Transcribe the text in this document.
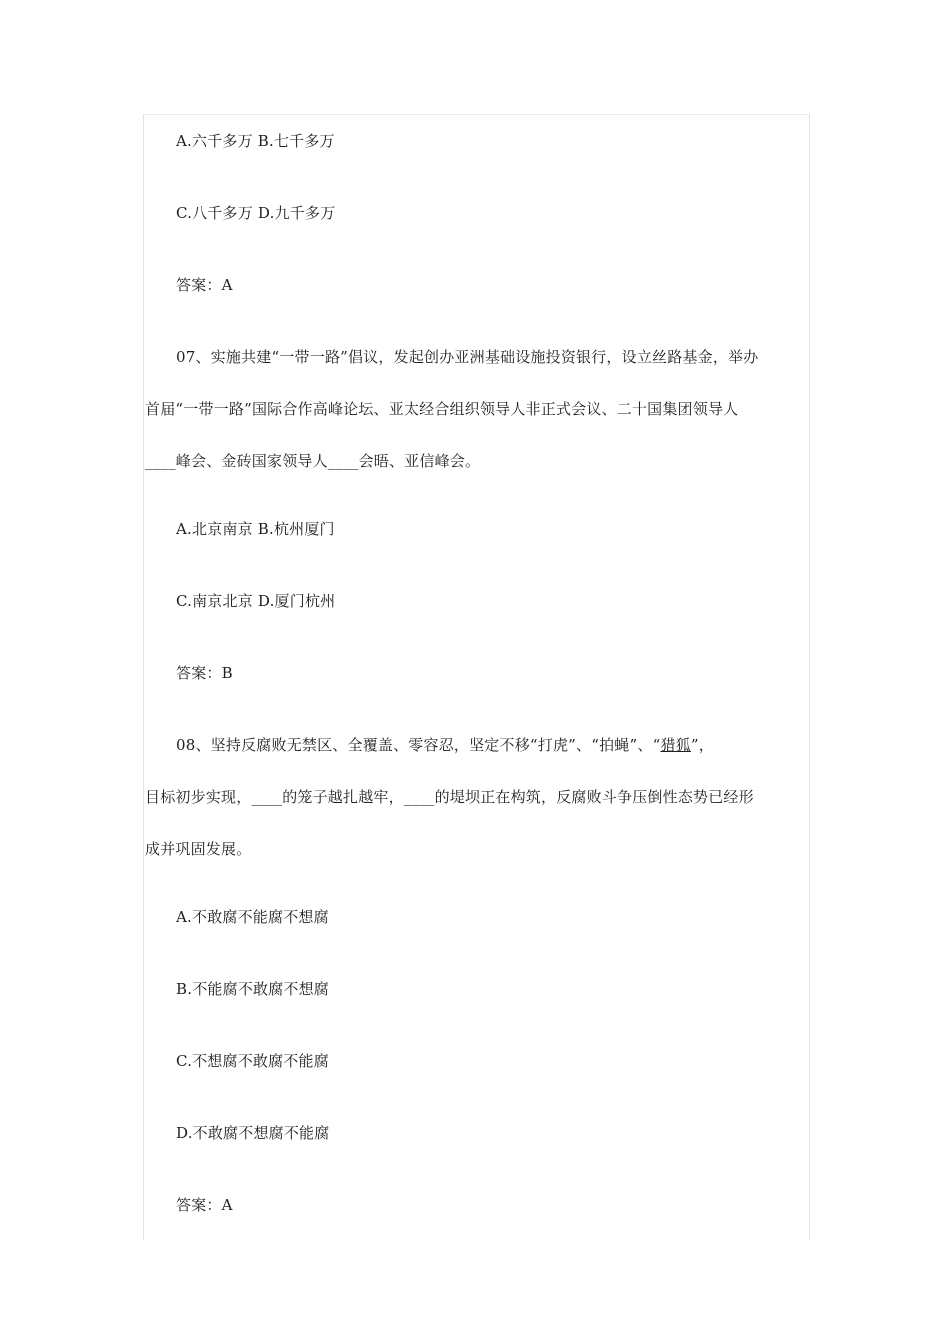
A.六千多万 B.七千多万
C.八千多万 D.九千多万
答案：A
07、实施共建“一带一路”倡议，发起创办亚洲基础设施投资银行，设立丝路基金，举办
首届“一带一路”国际合作高峰论坛、亚太经合组织领导人非正式会议、二十国集团领导人
____峰会、金砖国家领导人____会晤、亚信峰会。
A.北京南京 B.杭州厦门
C.南京北京 D.厦门杭州
答案：B
08、坚持反腐败无禁区、全覆盖、零容忍，坚定不移“打虎”、“拍蝇”、“猎狐”，
目标初步实现，____的笼子越扎越牢，____的堤坝正在构筑，反腐败斗争压倒性态势已经形
成并巩固发展。
A.不敢腐不能腐不想腐
B.不能腐不敢腐不想腐
C.不想腐不敢腐不能腐
D.不敢腐不想腐不能腐
答案：A
